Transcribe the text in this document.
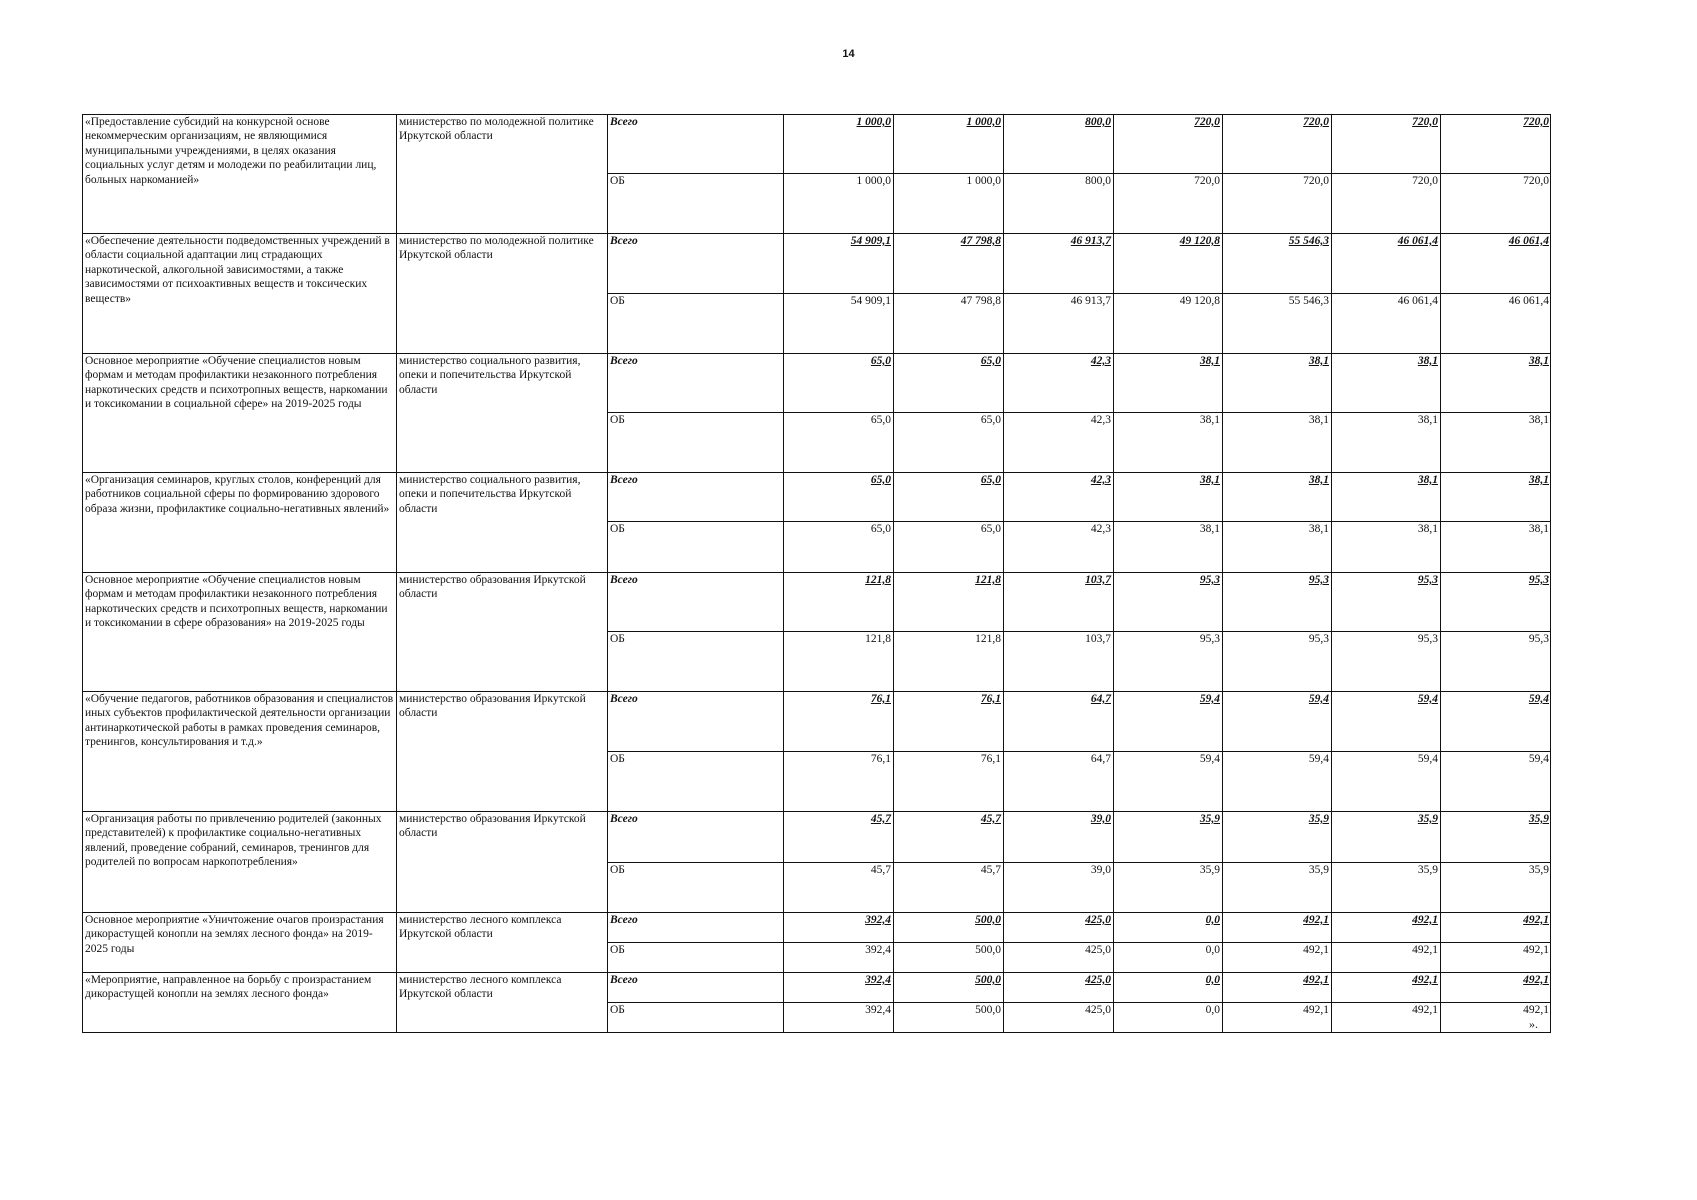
14
«Предоставление субсидий на конкурсной основе некоммерческим организациям, не являющимися муниципальными учреждениями, в целях оказания социальных услуг детям и молодежи по реабилитации лиц, больных наркоманией»	министерство по молодежной политике Иркутской области	Всего	1 000,0	1 000,0	800,0	720,0	720,0	720,0	720,0
		ОБ	1 000,0	1 000,0	800,0	720,0	720,0	720,0	720,0
«Обеспечение деятельности подведомственных учреждений в области социальной адаптации лиц страдающих наркотической, алкогольной зависимостями, а также зависимостями от психоактивных веществ и токсических веществ»	министерство по молодежной политике Иркутской области	Всего	54 909,1	47 798,8	46 913,7	49 120,8	55 546,3	46 061,4	46 061,4
		ОБ	54 909,1	47 798,8	46 913,7	49 120,8	55 546,3	46 061,4	46 061,4
Основное мероприятие «Обучение специалистов новым формам и методам профилактики незаконного потребления наркотических средств и психотропных веществ, наркомании и токсикомании в социальной сфере» на 2019-2025 годы	министерство социального развития, опеки и попечительства Иркутской области	Всего	65,0	65,0	42,3	38,1	38,1	38,1	38,1
		ОБ	65,0	65,0	42,3	38,1	38,1	38,1	38,1
«Организация семинаров, круглых столов, конференций для работников социальной сферы по формированию здорового образа жизни, профилактике социально-негативных явлений»	министерство социального развития, опеки и попечительства Иркутской области	Всего	65,0	65,0	42,3	38,1	38,1	38,1	38,1
		ОБ	65,0	65,0	42,3	38,1	38,1	38,1	38,1
Основное мероприятие «Обучение специалистов новым формам и методам профилактики незаконного потребления наркотических средств и психотропных веществ, наркомании и токсикомании в сфере образования» на 2019-2025 годы	министерство образования Иркутской области	Всего	121,8	121,8	103,7	95,3	95,3	95,3	95,3
		ОБ	121,8	121,8	103,7	95,3	95,3	95,3	95,3
«Обучение педагогов, работников образования и специалистов иных субъектов профилактической деятельности организации антинаркотической работы в рамках проведения семинаров, тренингов, консультирования и т.д.»	министерство образования Иркутской области	Всего	76,1	76,1	64,7	59,4	59,4	59,4	59,4
		ОБ	76,1	76,1	64,7	59,4	59,4	59,4	59,4
«Организация работы по привлечению родителей (законных представителей) к профилактике социально-негативных явлений, проведение собраний, семинаров, тренингов для родителей по вопросам наркопотребления»	министерство образования Иркутской области	Всего	45,7	45,7	39,0	35,9	35,9	35,9	35,9
		ОБ	45,7	45,7	39,0	35,9	35,9	35,9	35,9
Основное мероприятие «Уничтожение очагов произрастания дикорастущей конопли на землях лесного фонда» на 2019-2025 годы	министерство лесного комплекса Иркутской области	Всего	392,4	500,0	425,0	0,0	492,1	492,1	492,1
		ОБ	392,4	500,0	425,0	0,0	492,1	492,1	492,1
«Мероприятие, направленное на борьбу с произрастанием дикорастущей конопли на землях лесного фонда»	министерство лесного комплекса Иркутской области	Всего	392,4	500,0	425,0	0,0	492,1	492,1	492,1
		ОБ	392,4	500,0	425,0	0,0	492,1	492,1	492,1
».
